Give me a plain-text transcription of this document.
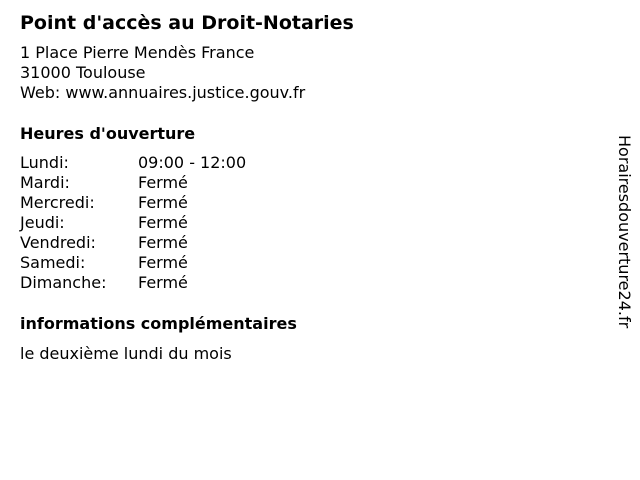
Point d'accès au Droit-Notaries
1 Place Pierre Mendès France
31000 Toulouse
Web: www.annuaires.justice.gouv.fr
Heures d'ouverture
Lundi:	09:00 - 12:00
Mardi:	Fermé
Mercredi:	Fermé
Jeudi:	Fermé
Vendredi:	Fermé
Samedi:	Fermé
Dimanche: Fermé
informations complémentaires
le deuxième lundi du mois
Horairesdouverture24.fr
